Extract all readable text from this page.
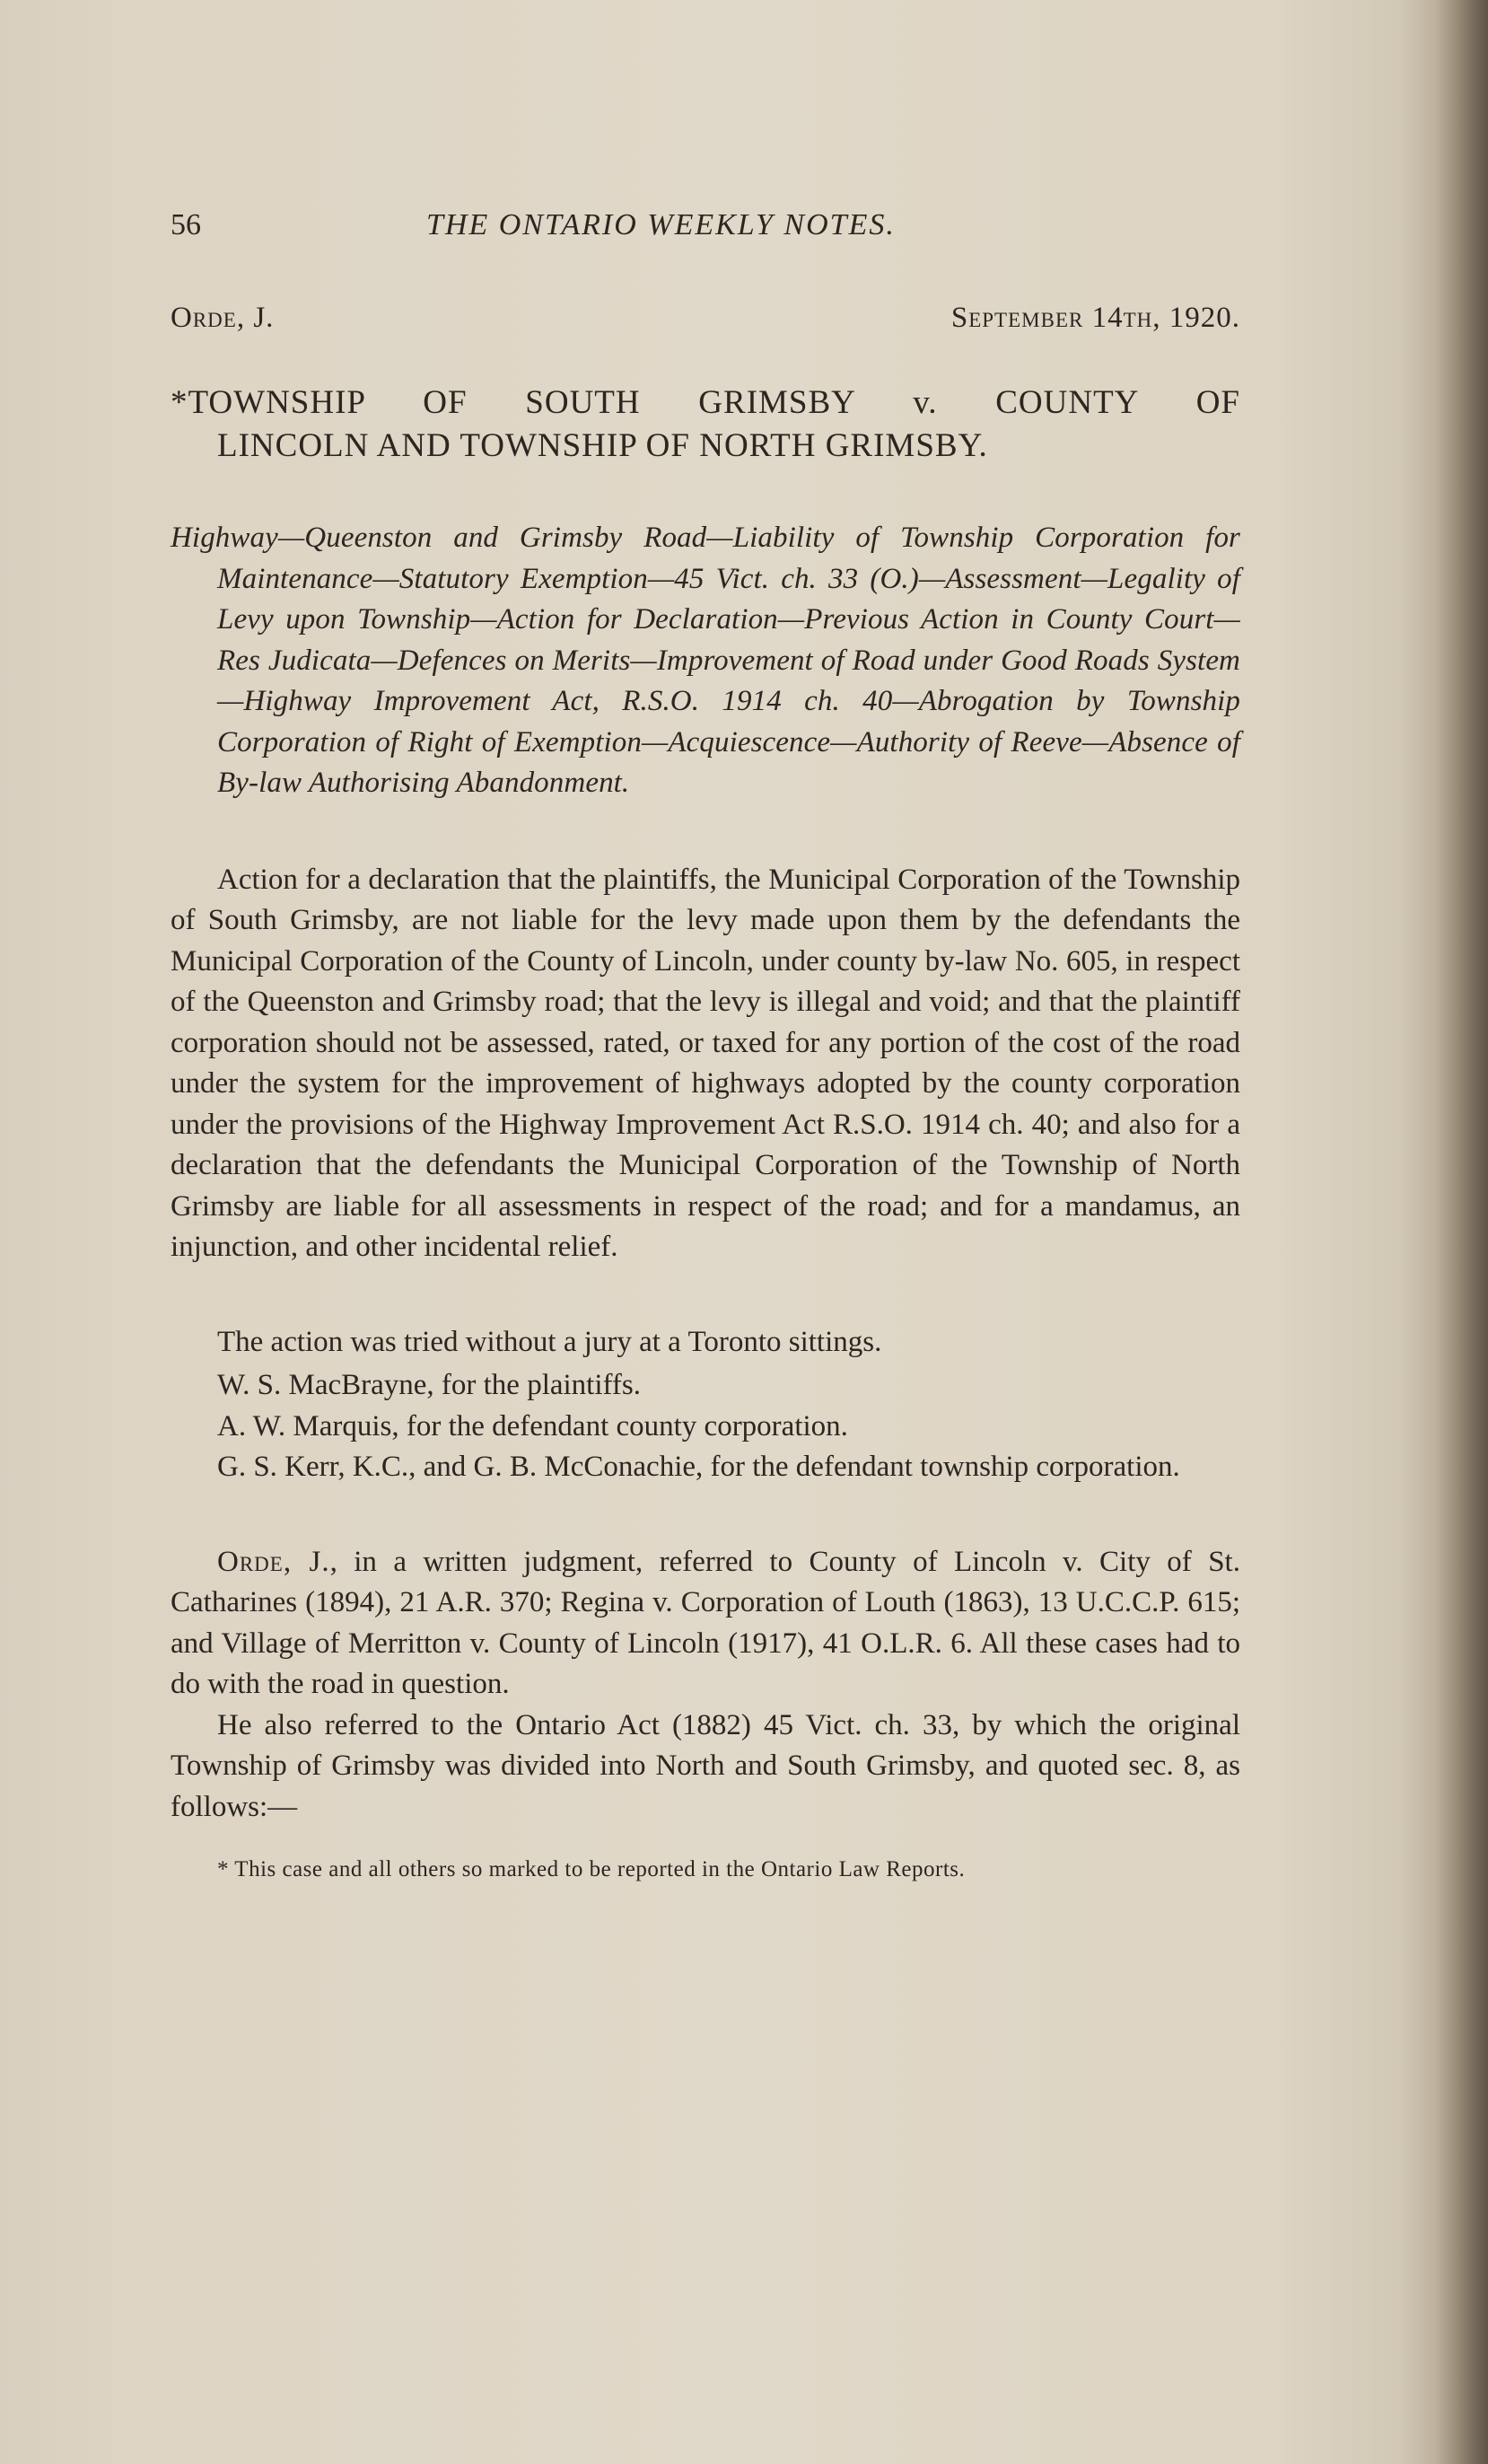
56	THE ONTARIO WEEKLY NOTES.
Orde, J.	September 14th, 1920.
*TOWNSHIP OF SOUTH GRIMSBY v. COUNTY OF
LINCOLN AND TOWNSHIP OF NORTH GRIMSBY.

Highway—Queenston and Grimsby Road—Liability of Township Corporation for Maintenance—Statutory Exemption—45 Vict. ch. 33 (O.)—Assessment—Legality of Levy upon Township—Action for Declaration—Previous Action in County Court—Res Judicata—Defences on Merits—Improvement of Road under Good Roads System—Highway Improvement Act, R.S.O. 1914 ch. 40—Abrogation by Township Corporation of Right of Exemption—Acquiescence—Authority of Reeve—Absence of By-law Authorising Abandonment.

Action for a declaration that the plaintiffs, the Municipal Corporation of the Township of South Grimsby, are not liable for the levy made upon them by the defendants the Municipal Corporation of the County of Lincoln, under county by-law No. 605, in respect of the Queenston and Grimsby road; that the levy is illegal and void; and that the plaintiff corporation should not be assessed, rated, or taxed for any portion of the cost of the road under the system for the improvement of highways adopted by the county corporation under the provisions of the Highway Improvement Act R.S.O. 1914 ch. 40; and also for a declaration that the defendants the Municipal Corporation of the Township of North Grimsby are liable for all assessments in respect of the road; and for a mandamus, an injunction, and other incidental relief.

The action was tried without a jury at a Toronto sittings.

W. S. MacBrayne, for the plaintiffs.

A. W. Marquis, for the defendant county corporation.

G. S. Kerr, K.C., and G. B. McConachie, for the defendant township corporation.

Orde, J., in a written judgment, referred to County of Lincoln v. City of St. Catharines (1894), 21 A.R. 370; Regina v. Corporation of Louth (1863), 13 U.C.C.P. 615; and Village of Merritton v. County of Lincoln (1917), 41 O.L.R. 6. All these cases had to do with the road in question.

He also referred to the Ontario Act (1882) 45 Vict. ch. 33, by which the original Township of Grimsby was divided into North and South Grimsby, and quoted sec. 8, as follows:—

* This case and all others so marked to be reported in the Ontario Law Reports.
